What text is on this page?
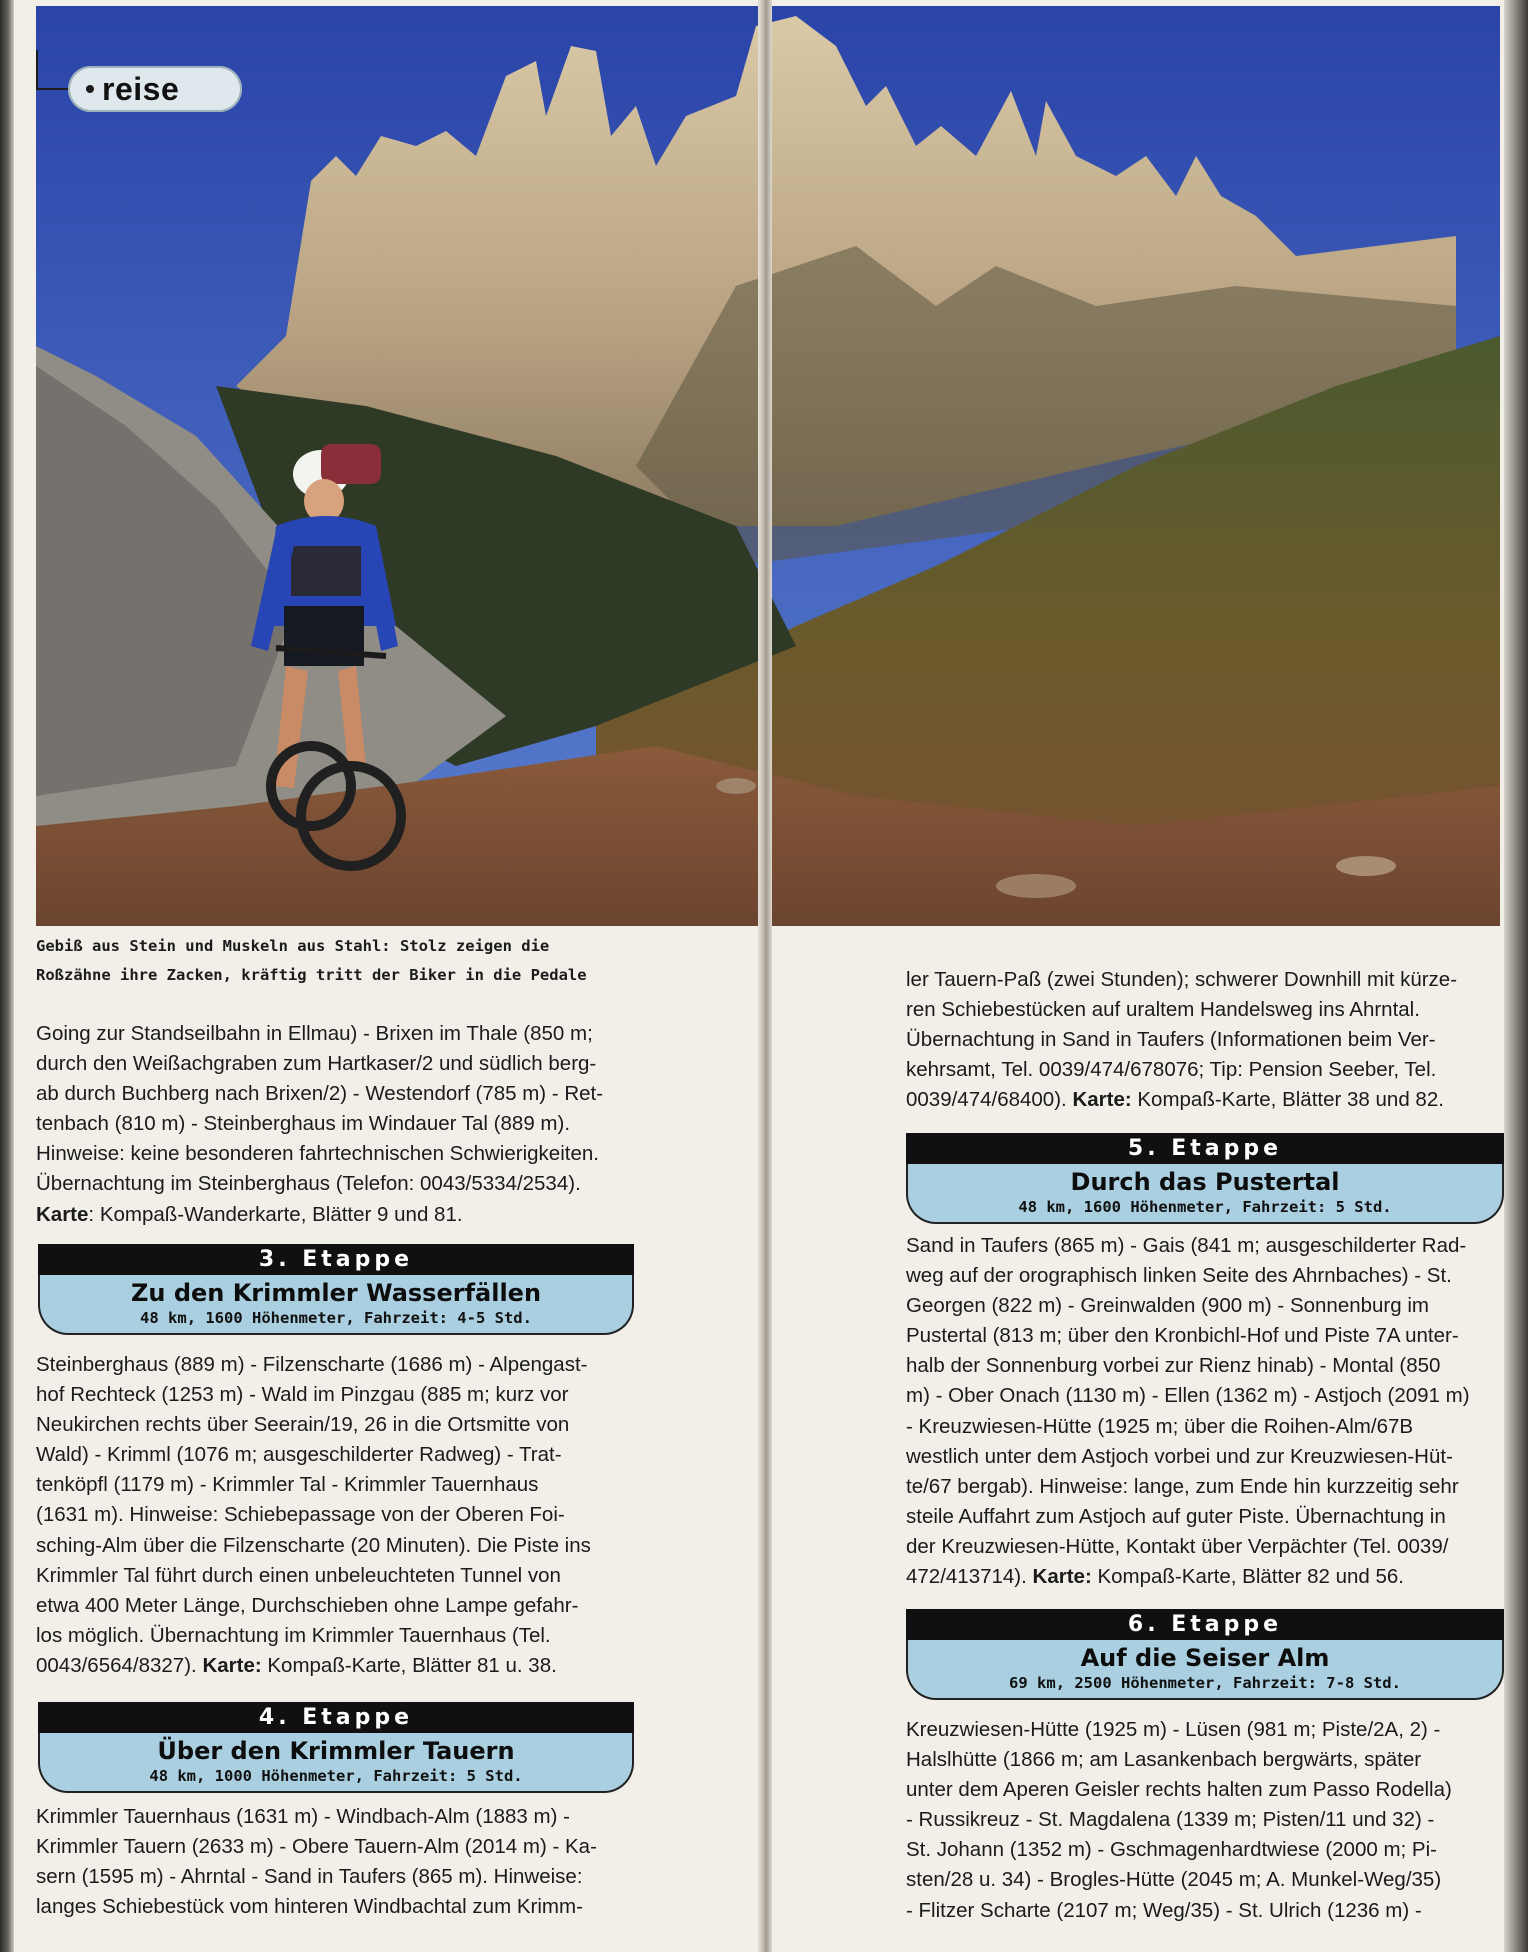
reise
Gebiß aus Stein und Muskeln aus Stahl: Stolz zeigen die
Roßzähne ihre Zacken, kräftig tritt der Biker in die Pedale

Going zur Standseilbahn in Ellmau) - Brixen im Thale (850 m;

durch den Weißachgraben zum Hartkaser/2 und südlich berg-

ab durch Buchberg nach Brixen/2) - Westendorf (785 m) - Ret-

tenbach (810 m) - Steinberghaus im Windauer Tal (889 m).

Hinweise: keine besonderen fahrtechnischen Schwierigkeiten.

Übernachtung im Steinberghaus (Telefon: 0043/5334/2534).

Karte: Kompaß-Wanderkarte, Blätter 9 und 81.

3. Etappe
Zu den Krimmler Wasserfällen
48 km, 1600 Höhenmeter, Fahrzeit: 4-5 Std.

Steinberghaus (889 m) - Filzenscharte (1686 m) - Alpengast-

hof Rechteck (1253 m) - Wald im Pinzgau (885 m; kurz vor

Neukirchen rechts über Seerain/19, 26 in die Ortsmitte von

Wald) - Krimml (1076 m; ausgeschilderter Radweg) - Trat-

tenköpfl (1179 m) - Krimmler Tal - Krimmler Tauernhaus

(1631 m). Hinweise: Schiebepassage von der Oberen Foi-

sching-Alm über die Filzenscharte (20 Minuten). Die Piste ins

Krimmler Tal führt durch einen unbeleuchteten Tunnel von

etwa 400 Meter Länge, Durchschieben ohne Lampe gefahr-

los möglich. Übernachtung im Krimmler Tauernhaus (Tel.

0043/6564/8327). Karte: Kompaß-Karte, Blätter 81 u. 38.

4. Etappe
Über den Krimmler Tauern
48 km, 1000 Höhenmeter, Fahrzeit: 5 Std.

Krimmler Tauernhaus (1631 m) - Windbach-Alm (1883 m) -

Krimmler Tauern (2633 m) - Obere Tauern-Alm (2014 m) - Ka-

sern (1595 m) - Ahrntal - Sand in Taufers (865 m). Hinweise:

langes Schiebestück vom hinteren Windbachtal zum Krimm-

ler Tauern-Paß (zwei Stunden); schwerer Downhill mit kürze-

ren Schiebestücken auf uraltem Handelsweg ins Ahrntal.

Übernachtung in Sand in Taufers (Informationen beim Ver-

kehrsamt, Tel. 0039/474/678076; Tip: Pension Seeber, Tel.

0039/474/68400). Karte: Kompaß-Karte, Blätter 38 und 82.

5. Etappe
Durch das Pustertal
48 km, 1600 Höhenmeter, Fahrzeit: 5 Std.

Sand in Taufers (865 m) - Gais (841 m; ausgeschilderter Rad-

weg auf der orographisch linken Seite des Ahrnbaches) - St.

Georgen (822 m) - Greinwalden (900 m) - Sonnenburg im

Pustertal (813 m; über den Kronbichl-Hof und Piste 7A unter-

halb der Sonnenburg vorbei zur Rienz hinab) - Montal (850

m) - Ober Onach (1130 m) - Ellen (1362 m) - Astjoch (2091 m)

- Kreuzwiesen-Hütte (1925 m; über die Roihen-Alm/67B

westlich unter dem Astjoch vorbei und zur Kreuzwiesen-Hüt-

te/67 bergab). Hinweise: lange, zum Ende hin kurzzeitig sehr

steile Auffahrt zum Astjoch auf guter Piste. Übernachtung in

der Kreuzwiesen-Hütte, Kontakt über Verpächter (Tel. 0039/

472/413714). Karte: Kompaß-Karte, Blätter 82 und 56.

6. Etappe
Auf die Seiser Alm
69 km, 2500 Höhenmeter, Fahrzeit: 7-8 Std.

Kreuzwiesen-Hütte (1925 m) - Lüsen (981 m; Piste/2A, 2) -

Halslhütte (1866 m; am Lasankenbach bergwärts, später

unter dem Aperen Geisler rechts halten zum Passo Rodella)

- Russikreuz - St. Magdalena (1339 m; Pisten/11 und 32) -

St. Johann (1352 m) - Gschmagenhardtwiese (2000 m; Pi-

sten/28 u. 34) - Brogles-Hütte (2045 m; A. Munkel-Weg/35)

- Flitzer Scharte (2107 m; Weg/35) - St. Ulrich (1236 m) -
